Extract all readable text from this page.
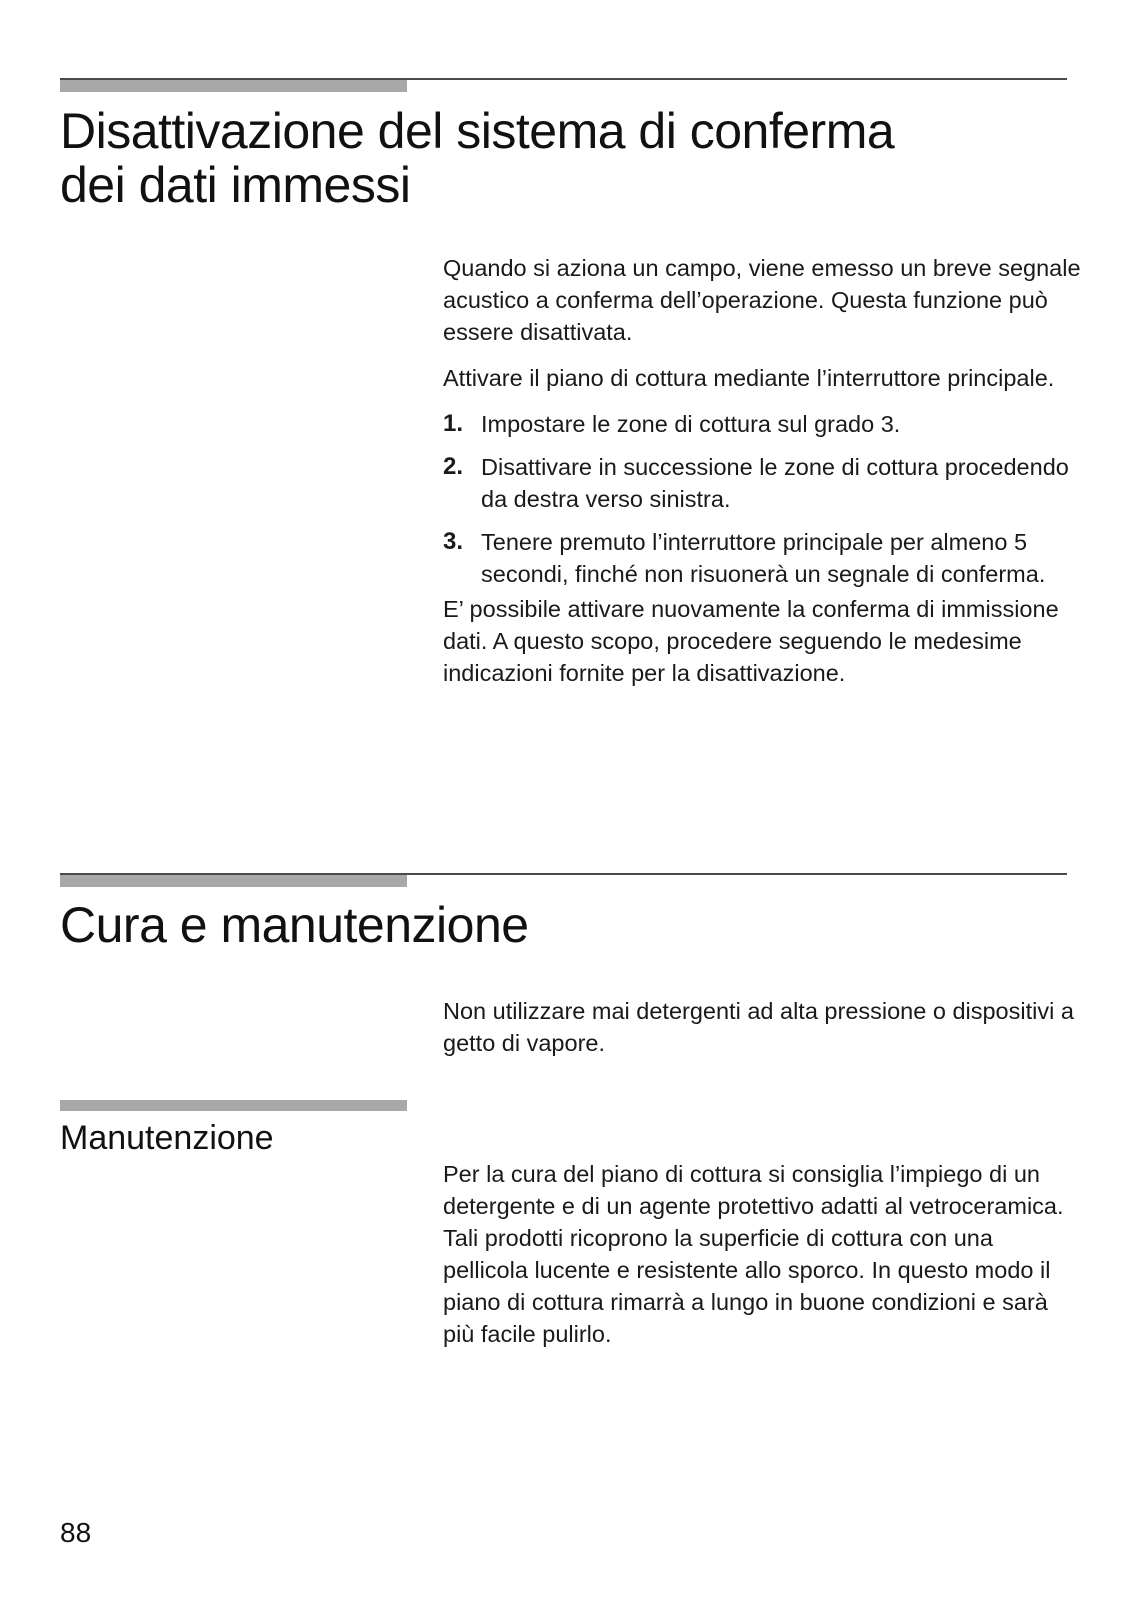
Disattivazione del sistema di conferma
dei dati immessi

Quando si aziona un campo, viene emesso un breve segnale acustico a conferma dell’operazione. Questa funzione può essere disattivata.

Attivare il piano di cottura mediante l’interruttore principale.

1. Impostare le zone di cottura sul grado 3.
2. Disattivare in successione le zone di cottura procedendo da destra verso sinistra.
3. Tenere premuto l’interruttore principale per almeno 5 secondi, finché non risuonerà un segnale di conferma.

E’ possibile attivare nuovamente la conferma di immissione dati. A questo scopo, procedere seguendo le medesime indicazioni fornite per la disattivazione.

Cura e manutenzione

Non utilizzare mai detergenti ad alta pressione o dispositivi a getto di vapore.

Manutenzione

Per la cura del piano di cottura si consiglia l’impiego di un detergente e di un agente protettivo adatti al vetroceramica. Tali prodotti ricoprono la superficie di cottura con una pellicola lucente e resistente allo sporco. In questo modo il piano di cottura rimarrà a lungo in buone condizioni e sarà più facile pulirlo.

88
